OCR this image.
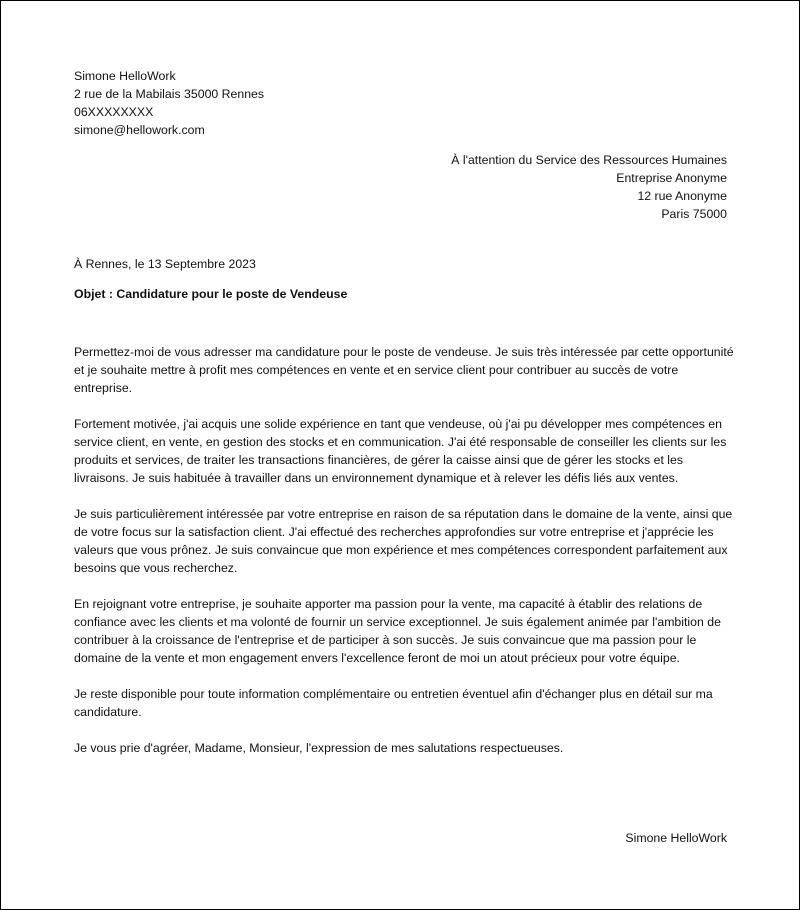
Simone HelloWork
2 rue de la Mabilais 35000 Rennes
06XXXXXXXX
simone@hellowork.com
À l'attention du Service des Ressources Humaines
Entreprise Anonyme
12 rue Anonyme
Paris 75000
À Rennes, le 13 Septembre 2023
Objet : Candidature pour le poste de Vendeuse

Permettez-moi de vous adresser ma candidature pour le poste de vendeuse. Je suis très intéressée par cette opportunité et je souhaite mettre à profit mes compétences en vente et en service client pour contribuer au succès de votre entreprise.

Fortement motivée, j'ai acquis une solide expérience en tant que vendeuse, où j'ai pu développer mes compétences en service client, en vente, en gestion des stocks et en communication. J'ai été responsable de conseiller les clients sur les produits et services, de traiter les transactions financières, de gérer la caisse ainsi que de gérer les stocks et les livraisons. Je suis habituée à travailler dans un environnement dynamique et à relever les défis liés aux ventes.

Je suis particulièrement intéressée par votre entreprise en raison de sa réputation dans le domaine de la vente, ainsi que de votre focus sur la satisfaction client. J'ai effectué des recherches approfondies sur votre entreprise et j'apprécie les valeurs que vous prônez. Je suis convaincue que mon expérience et mes compétences correspondent parfaitement aux besoins que vous recherchez.

En rejoignant votre entreprise, je souhaite apporter ma passion pour la vente, ma capacité à établir des relations de confiance avec les clients et ma volonté de fournir un service exceptionnel. Je suis également animée par l'ambition de contribuer à la croissance de l'entreprise et de participer à son succès. Je suis convaincue que ma passion pour le domaine de la vente et mon engagement envers l'excellence feront de moi un atout précieux pour votre équipe.

Je reste disponible pour toute information complémentaire ou entretien éventuel afin d'échanger plus en détail sur ma candidature.

Je vous prie d'agréer, Madame, Monsieur, l'expression de mes salutations respectueuses.

Simone HelloWork
